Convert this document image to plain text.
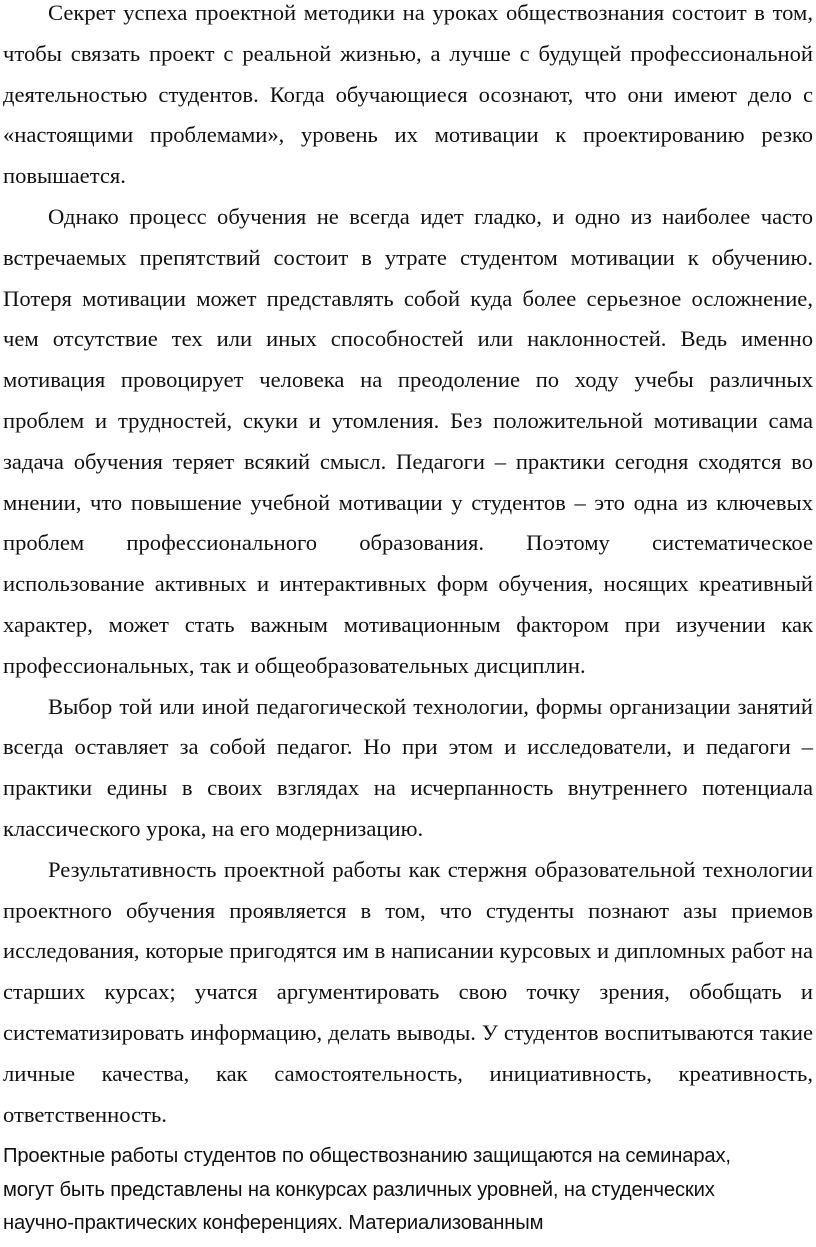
Секрет успеха проектной методики на уроках обществознания состоит в том, чтобы связать проект с реальной жизнью, а лучше с будущей профессиональной деятельностью студентов. Когда обучающиеся осознают, что они имеют дело с «настоящими проблемами», уровень их мотивации к проектированию резко повышается.

Однако процесс обучения не всегда идет гладко, и одно из наиболее часто встречаемых препятствий состоит в утрате студентом мотивации к обучению. Потеря мотивации может представлять собой куда более серьезное осложнение, чем отсутствие тех или иных способностей или наклонностей. Ведь именно мотивация провоцирует человека на преодоление по ходу учебы различных проблем и трудностей, скуки и утомления. Без положительной мотивации сама задача обучения теряет всякий смысл. Педагоги – практики сегодня сходятся во мнении, что повышение учебной мотивации у студентов – это одна из ключевых проблем профессионального образования. Поэтому систематическое использование активных и интерактивных форм обучения, носящих креативный характер, может стать важным мотивационным фактором при изучении как профессиональных, так и общеобразовательных дисциплин.

Выбор той или иной педагогической технологии, формы организации занятий всегда оставляет за собой педагог. Но при этом и исследователи, и педагоги – практики едины в своих взглядах на исчерпанность внутреннего потенциала классического урока, на его модернизацию.

Результативность проектной работы как стержня образовательной технологии проектного обучения проявляется в том, что студенты познают азы приемов исследования, которые пригодятся им в написании курсовых и дипломных работ на старших курсах; учатся аргументировать свою точку зрения, обобщать и систематизировать информацию, делать выводы. У студентов воспитываются такие личные качества, как самостоятельность, инициативность, креативность, ответственность.

Проектные работы студентов по обществознанию защищаются на семинарах,

могут быть представлены на конкурсах различных уровней, на студенческих

научно-практических конференциях. Материализованным
